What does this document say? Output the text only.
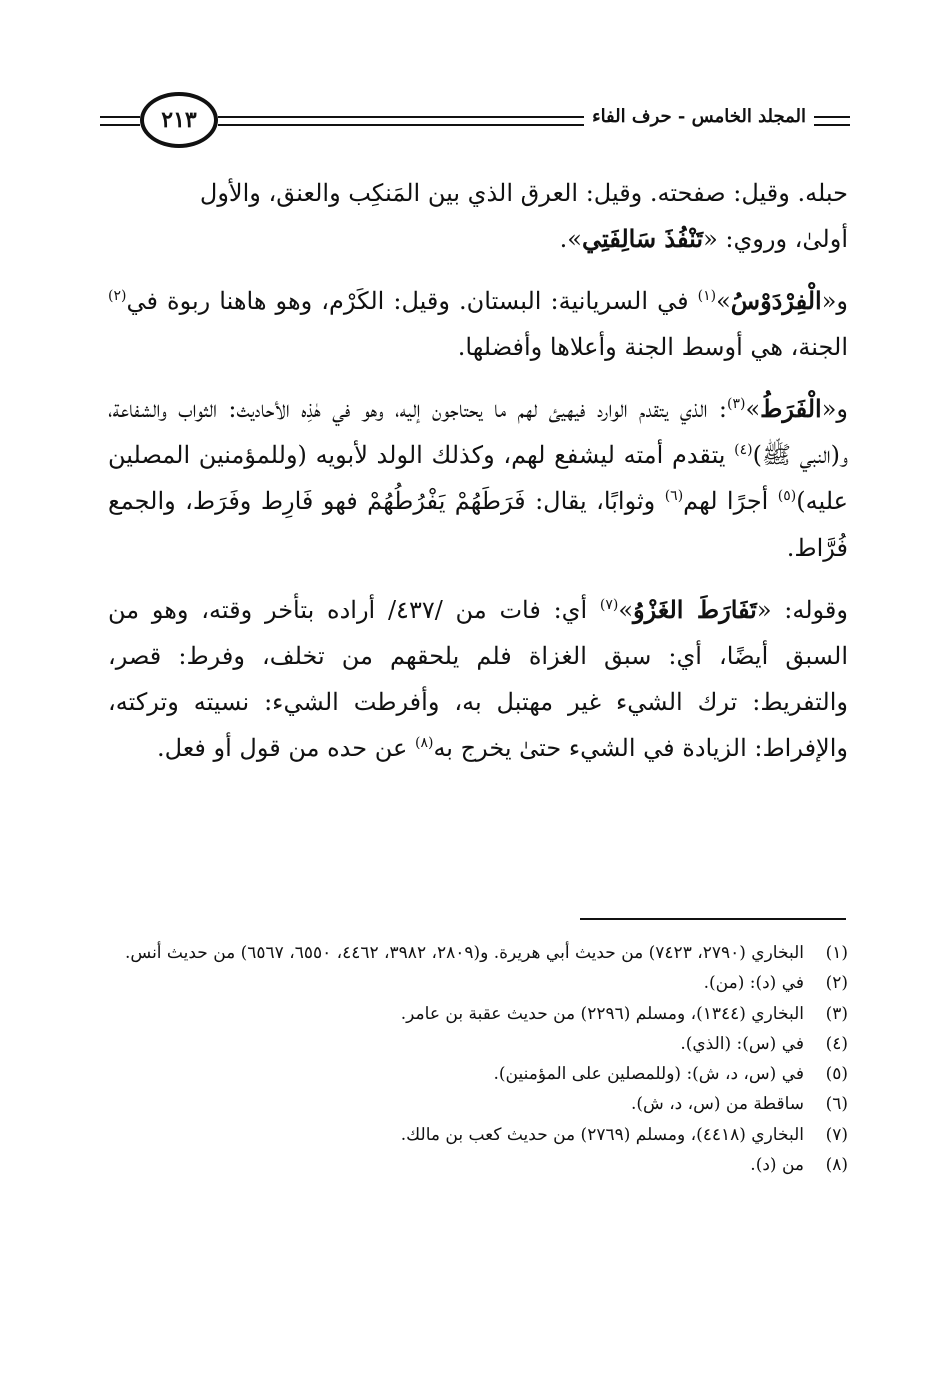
٢١٣	المجلد الخامس - حرف الفاء

حبله. وقيل: صفحته. وقيل: العرق الذي بين المَنكِب والعنق، والأول
أولىٰ، وروي: «تَنْفُذَ سَالِفَتِي».

و«الْفِرْدَوْسُ»$^{(١)}$ في السريانية: البستان. وقيل: الكَرْم، وهو هاهنا ربوة في$^{(٢)}$ الجنة، هي أوسط الجنة وأعلاها وأفضلها.

و«الْفَرَطُ»$^{(٣)}$: الذي يتقدم الوارد فيهيئ لهم ما يحتاجون إليه، وهو في هٰذِه الأحاديث: الثواب والشفاعة، و(النبي ﷺ)$^{(٤)}$ يتقدم أمته ليشفع لهم، وكذلك الولد لأبويه (وللمؤمنين المصلين عليه)$^{(٥)}$ أجرًا لهم$^{(٦)}$ وثوابًا، يقال: فَرَطَهُمْ يَفْرُطُهُمْ فهو فَارِط وفَرَط، والجمع فُرَّاط.

وقوله: «تَفَارَطَ الغَزْوُ»$^{(٧)}$ أي: فات من /٤٣٧/ أراده بتأخر وقته، وهو من السبق أيضًا، أي: سبق الغزاة فلم يلحقهم من تخلف، وفرط: قصر، والتفريط: ترك الشيء غير مهتبل به، وأفرطت الشيء: نسيته وتركته، والإفراط: الزيادة في الشيء حتىٰ يخرج به$^{(٨)}$ عن حده من قول أو فعل.

(١)
البخاري (٢٧٩٠، ٧٤٢٣) من حديث أبي هريرة. و(٢٨٠٩، ٣٩٨٢، ٤٤٦٢، ٦٥٥٠، ٦٥٦٧) من حديث أنس.
(٢)
في (د): (من).
(٣)
البخاري (١٣٤٤)، ومسلم (٢٢٩٦) من حديث عقبة بن عامر.
(٤)
في (س): (الذي).
(٥)
في (س، د، ش): (وللمصلين على المؤمنين).
(٦)
ساقطة من (س، د، ش).
(٧)
البخاري (٤٤١٨)، ومسلم (٢٧٦٩) من حديث كعب بن مالك.
(٨)
من (د).
